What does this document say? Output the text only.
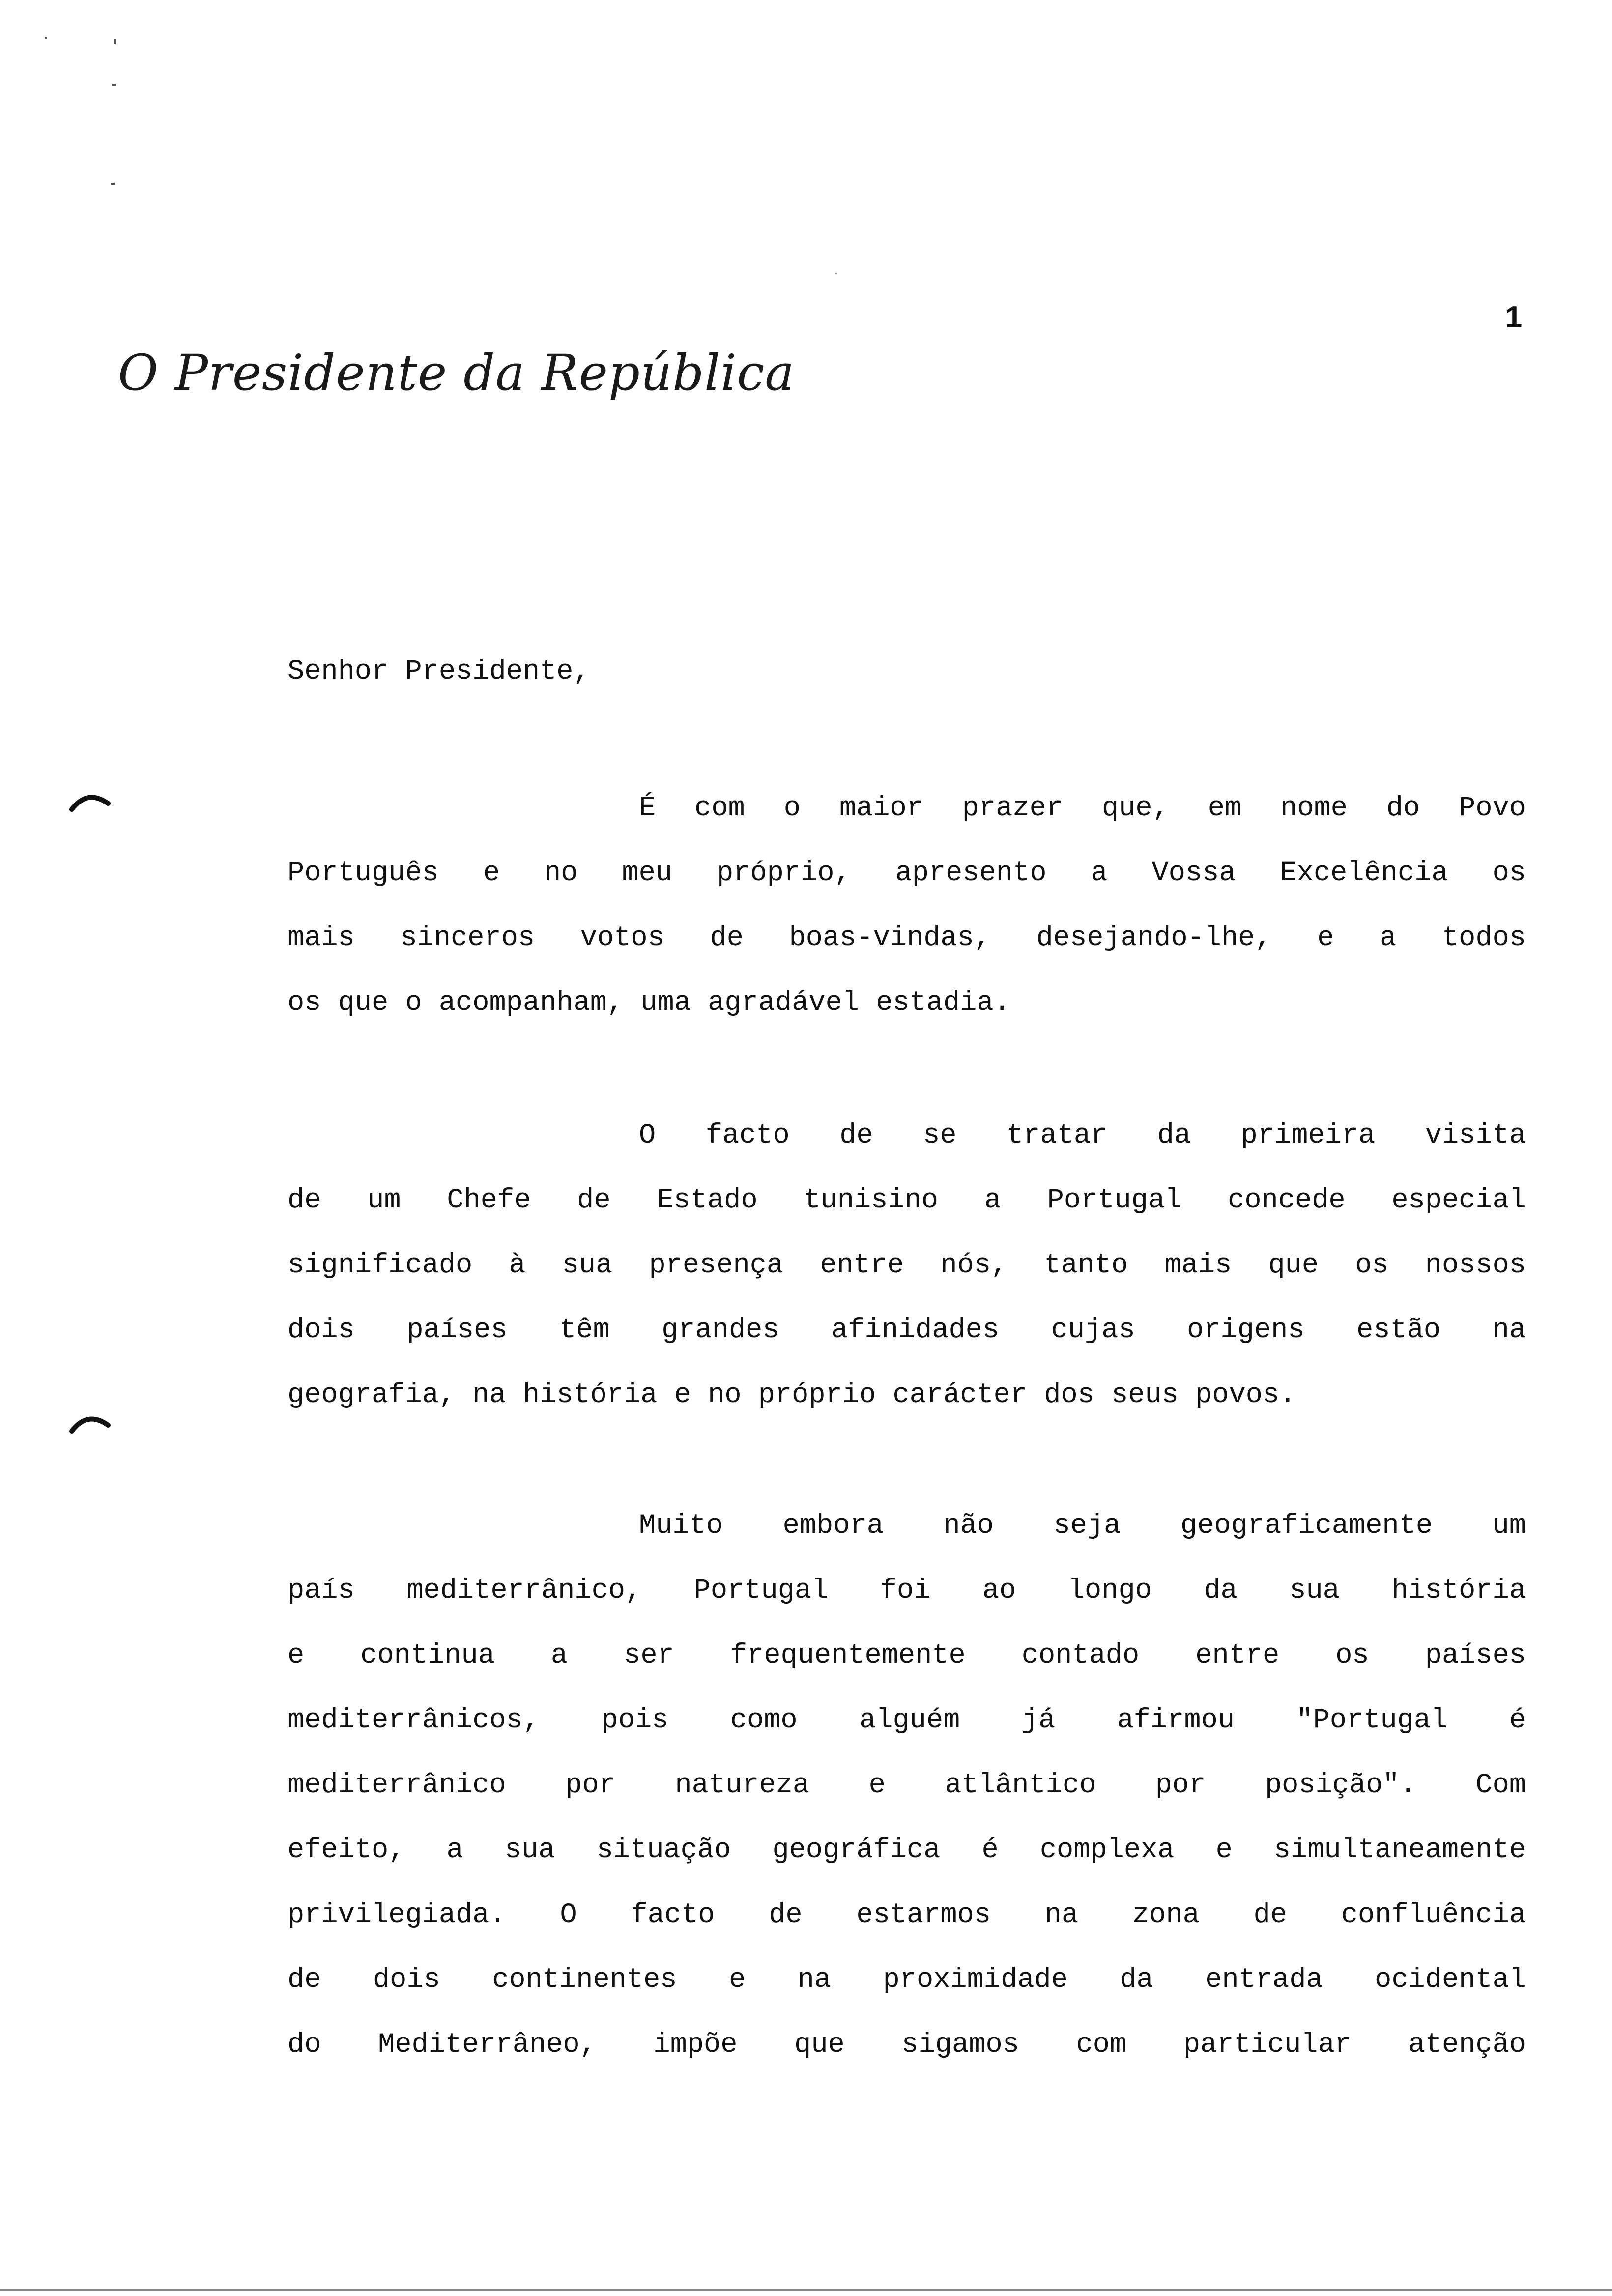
1
O Presidente da República
Senhor Presidente,
É com o maior prazer que, em nome do Povo
Português e no meu próprio, apresento a Vossa Excelência os
mais sinceros votos de boas-vindas, desejando-lhe, e a todos
os que o acompanham, uma agradável estadia.
O facto de se tratar da primeira visita
de um Chefe de Estado tunisino a Portugal concede especial
significado à sua presença entre nós, tanto mais que os nossos
dois países têm grandes afinidades cujas origens estão na
geografia, na história e no próprio carácter dos seus povos.
Muito embora não seja geograficamente um
país mediterrânico, Portugal foi ao longo da sua história
e continua a ser frequentemente contado entre os países
mediterrânicos, pois como alguém já afirmou "Portugal é
mediterrânico por natureza e atlântico por posição". Com
efeito, a sua situação geográfica é complexa e simultaneamente
privilegiada. O facto de estarmos na zona de confluência
de dois continentes e na proximidade da entrada ocidental
do Mediterrâneo, impõe que sigamos com particular atenção
